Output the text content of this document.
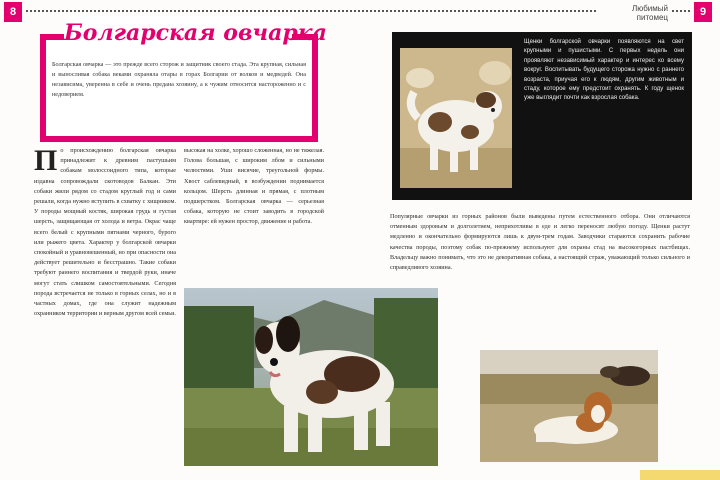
8	Любимый питомец	9

Болгарская овчарка — это прежде всего сторож и защитник своего стада. Эта крупная, сильная и выносливая собака веками охраняла отары в горах Болгарии от волков и медведей. Она независима, уверенна в себе и очень предана хозяину, а к чужим относится настороженно и с недоверием.

Болгарская овчарка	Щенки болгарской овчарки появляются на свет крупными и пушистыми. С первых недель они проявляют независимый характер и интерес ко всему вокруг. Воспитывать будущего сторожа нужно с раннего возраста, приучая его к людям, другим животным и стаду, которое ему предстоит охранять. К году щенок уже выглядит почти как взрослая собака.

По происхождению болгарская овчарка принадлежит к древним пастушьим собакам молоссоидного типа, которые издавна сопровождали скотоводов Балкан. Эти собаки жили рядом со стадом круглый год и сами решали, когда нужно вступить в схватку с хищником. У породы мощный костяк, широкая грудь и густая шерсть, защищающая от холода и ветра. Окрас чаще всего белый с крупными пятнами черного, бурого или рыжего цвета. Характер у болгарской овчарки спокойный и уравновешенный, но при опасности она действует решительно и бесстрашно. Такие собаки требуют раннего воспитания и твердой руки, иначе могут стать слишком самостоятельными. Сегодня порода встречается не только в горных селах, но и в частных домах, где она служит надежным охранником территории и верным другом всей семьи.

высокая на холке, хорошо сложенная, но не тяжелая. Голова большая, с широким лбом и сильными челюстями. Уши висячие, треугольной формы. Хвост саблевидный, в возбуждении поднимается кольцом. Шерсть длинная и прямая, с плотным подшерстком. Болгарская овчарка — серьезная собака, которую не стоит заводить в городской квартире: ей нужен простор, движение и работа.

Популярные овчарки из горных районов были выведены путем естественного отбора. Они отличаются отменным здоровьем и долголетием, неприхотливы в еде и легко переносят любую погоду. Щенки растут медленно и окончательно формируются лишь к двум-трем годам. Заводчики стараются сохранить рабочие качества породы, поэтому собак по-прежнему используют для охраны стад на высокогорных пастбищах. Владельцу важно понимать, что это не декоративная собака, а настоящий страж, уважающий только сильного и справедливого хозяина.
